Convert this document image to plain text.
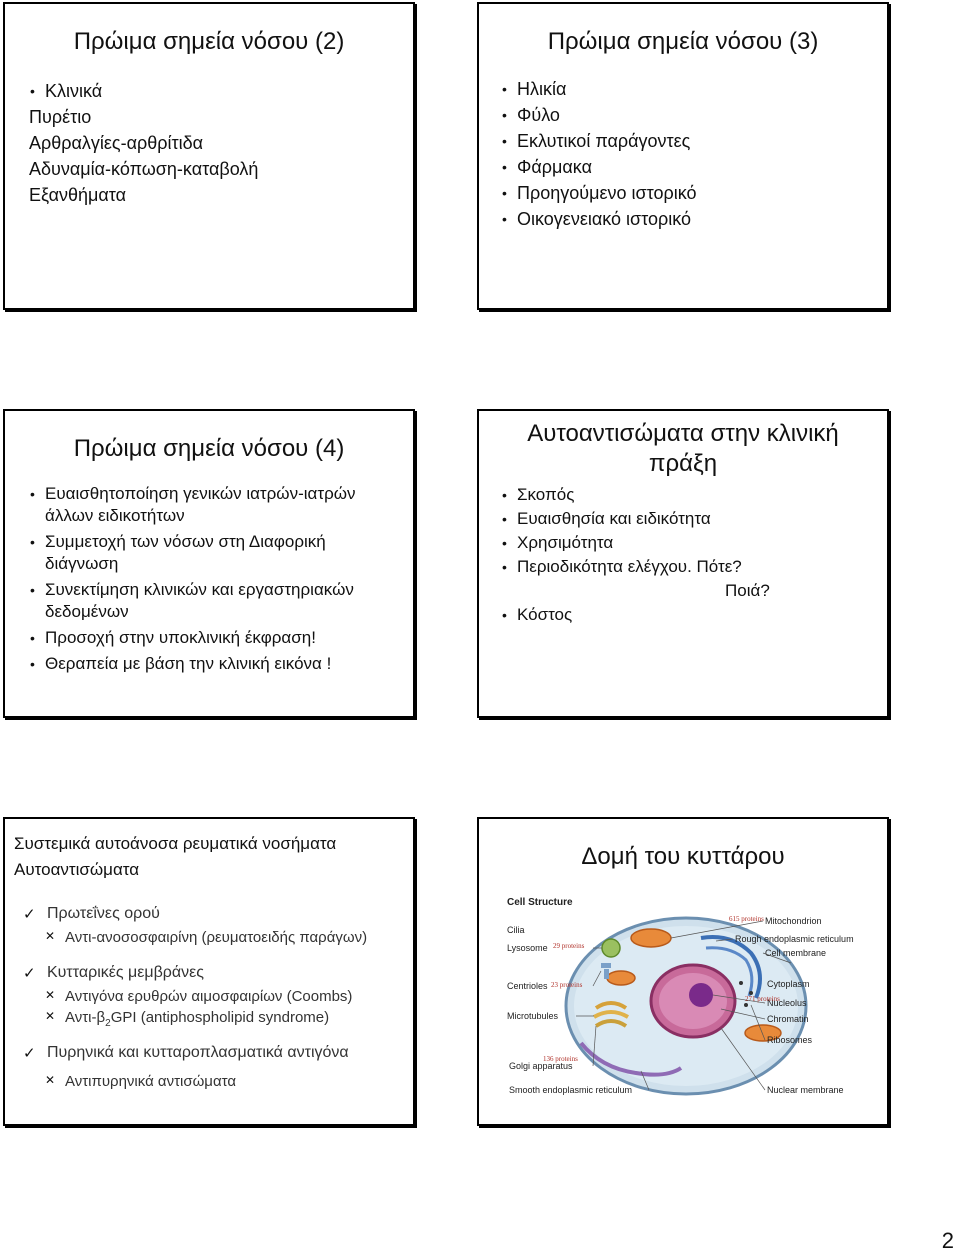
Πρώιμα σημεία νόσου (2)
• Κλινικά
Πυρέτιο
Αρθραλγίες-αρθρίτιδα
Αδυναμία-κόπωση-καταβολή
Εξανθήματα
Πρώιμα σημεία νόσου (3)
• Ηλικία
• Φύλο
• Εκλυτικοί παράγοντες
• Φάρμακα
• Προηγούμενο ιστορικό
• Οικογενειακό ιστορικό
Πρώιμα σημεία νόσου (4)
• Ευαισθητοποίηση γενικών ιατρών-ιατρών
άλλων ειδικοτήτων
• Συμμετοχή των νόσων στη Διαφορική
διάγνωση
• Συνεκτίμηση κλινικών και εργαστηριακών
δεδομένων
• Προσοχή στην υποκλινική έκφραση!
• Θεραπεία με βάση την κλινική εικόνα !
Αυτοαντισώματα στην κλινική
πράξη
• Σκοπός
• Ευαισθησία και ειδικότητα
• Χρησιμότητα
• Περιοδικότητα ελέγχου. Πότε?
Ποιά?
• Κόστος
Συστεμικά αυτοάνοσα ρευματικά νοσήματα
Αυτοαντισώματα
✓ Πρωτεΐνες ορού
✕ Αντι-ανοσοσφαιρίνη (ρευματοειδής παράγων)
✓ Κυτταρικές μεμβράνες
✕ Αντιγόνα ερυθρών αιμοσφαιρίων (Coombs)
✕ Αντι-$\beta_2GPI$ (antiphospholipid syndrome)
✓ Πυρηνικά και κυτταροπλασματικά αντιγόνα
✕ Αντιπυρηνικά αντισώματα
Δομή του κυττάρου
Cell Structure
Cilia
Lysosome
Centrioles
Microtubules
Golgi apparatus
Smooth endoplasmic reticulum
Mitochondrion
Rough endoplasmic reticulum
Cell membrane
Cytoplasm
Nucleolus
Chromatin
Ribosomes
Nuclear membrane
615 proteins
29 proteins
23 proteins
271 proteins
136 proteins
2
